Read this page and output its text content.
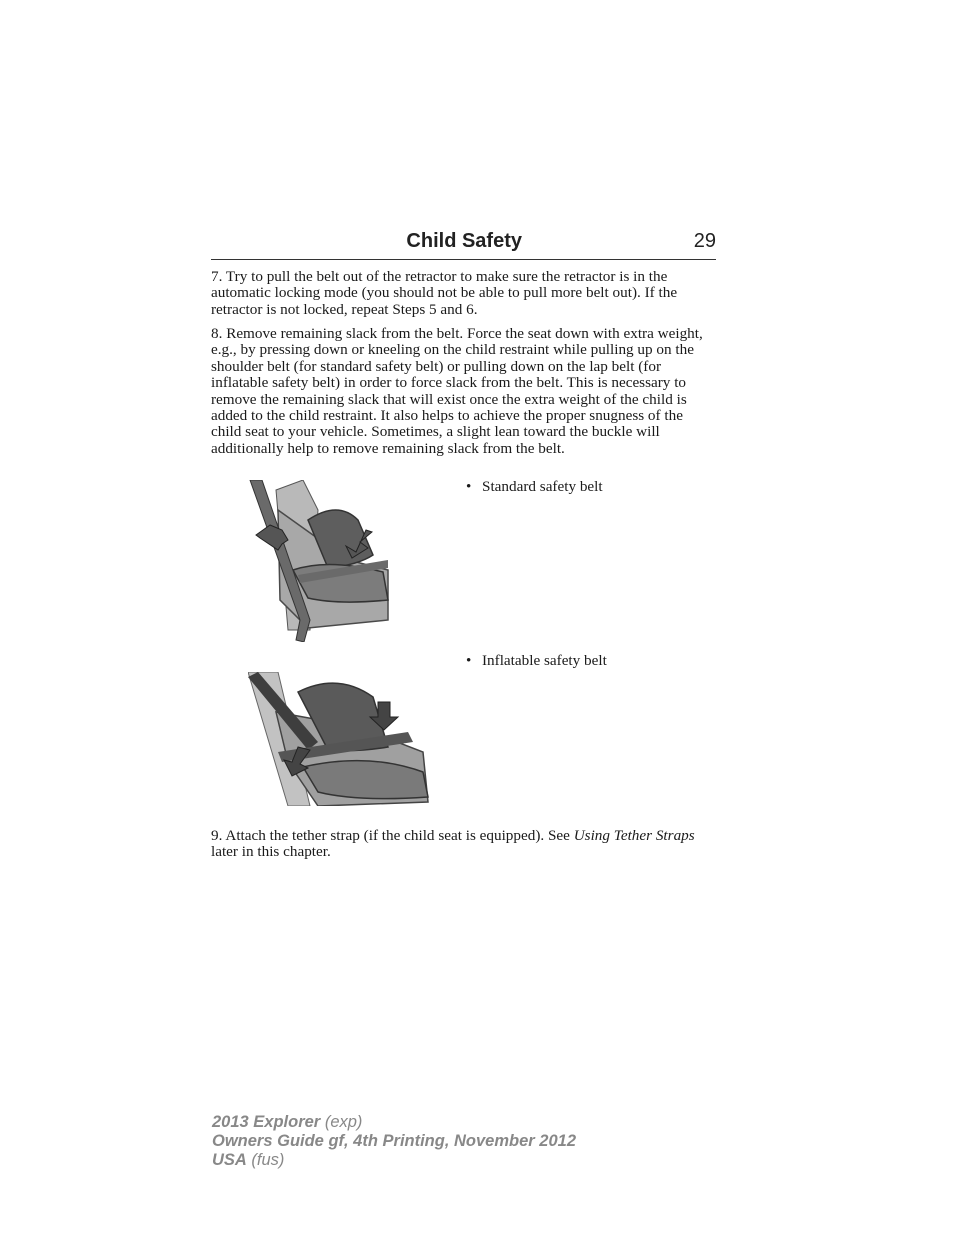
Child Safety	29

7. Try to pull the belt out of the retractor to make sure the retractor is in the automatic locking mode (you should not be able to pull more belt out). If the retractor is not locked, repeat Steps 5 and 6.

8. Remove remaining slack from the belt. Force the seat down with extra weight, e.g., by pressing down or kneeling on the child restraint while pulling up on the shoulder belt (for standard safety belt) or pulling down on the lap belt (for inflatable safety belt) in order to force slack from the belt. This is necessary to remove the remaining slack that will exist once the extra weight of the child is added to the child restraint. It also helps to achieve the proper snugness of the child seat to your vehicle. Sometimes, a slight lean toward the buckle will additionally help to remove remaining slack from the belt.

• Standard safety belt
• Inflatable safety belt

9. Attach the tether strap (if the child seat is equipped). See Using Tether Straps later in this chapter.

2013 Explorer (exp)
Owners Guide gf, 4th Printing, November 2012
USA (fus)
